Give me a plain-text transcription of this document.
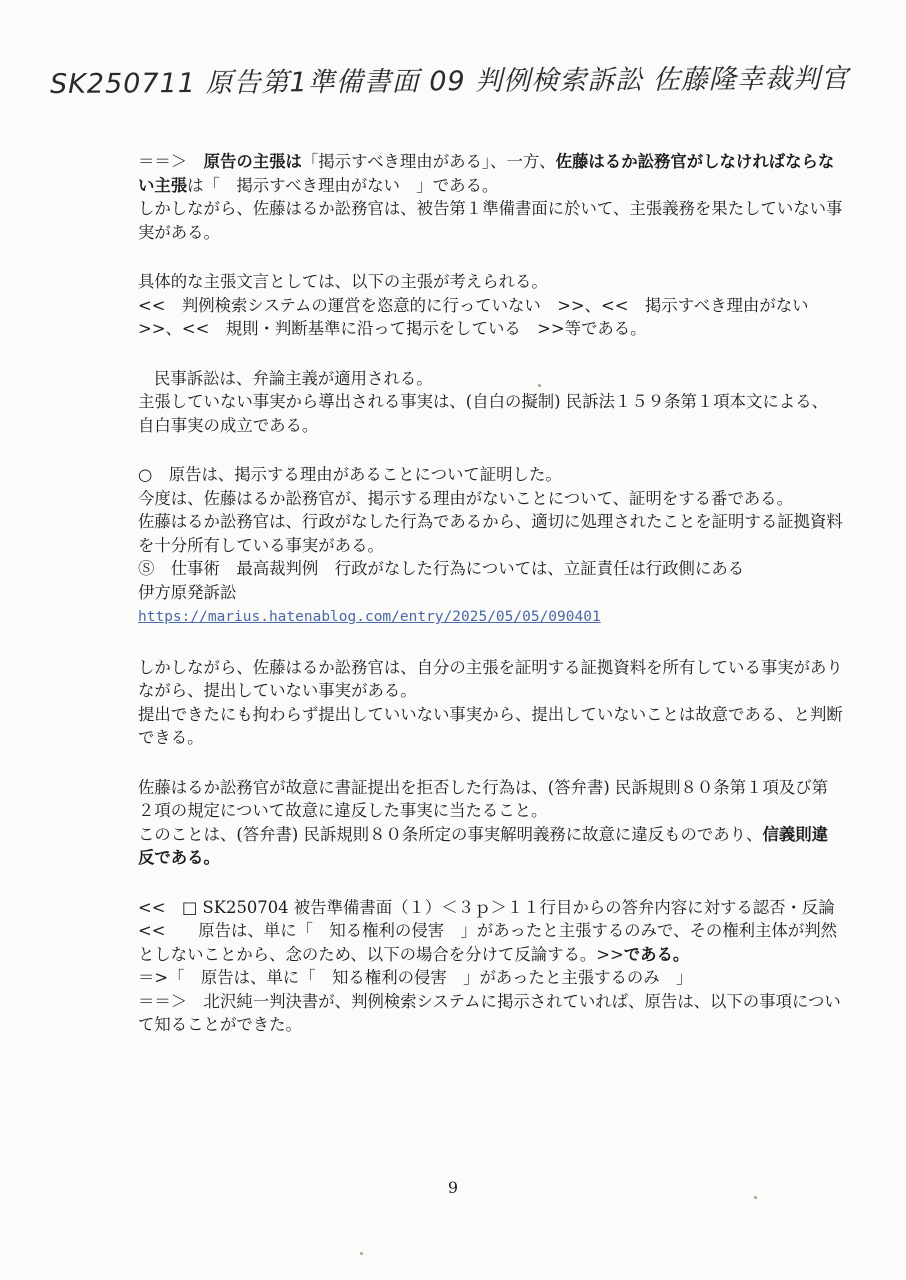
SK250711 原告第1準備書面 09 判例検索訴訟 佐藤隆幸裁判官

＝＝＞　原告の主張は「掲示すべき理由がある」、一方、佐藤はるか訟務官がしなければならない主張は「　掲示すべき理由がない　」である。

しかしながら、佐藤はるか訟務官は、被告第１準備書面に於いて、主張義務を果たしていない事実がある。

具体的な主張文言としては、以下の主張が考えられる。

<<　判例検索システムの運営を恣意的に行っていない　>>、<<　掲示すべき理由がない　>>、<<　規則・判断基準に沿って掲示をしている　>>等である。

民事訴訟は、弁論主義が適用される。

主張していない事実から導出される事実は、(自白の擬制) 民訴法１５９条第１項本文による、自白事実の成立である。

○　原告は、掲示する理由があることについて証明した。

今度は、佐藤はるか訟務官が、掲示する理由がないことについて、証明をする番である。

佐藤はるか訟務官は、行政がなした行為であるから、適切に処理されたことを証明する証拠資料を十分所有している事実がある。

Ⓢ　仕事術　最高裁判例　行政がなした行為については、立証責任は行政側にある

伊方原発訴訟

https://marius.hatenablog.com/entry/2025/05/05/090401

しかしながら、佐藤はるか訟務官は、自分の主張を証明する証拠資料を所有している事実がありながら、提出していない事実がある。

提出できたにも拘わらず提出していいない事実から、提出していないことは故意である、と判断できる。

佐藤はるか訟務官が故意に書証提出を拒否した行為は、(答弁書) 民訴規則８０条第１項及び第２項の規定について故意に違反した事実に当たること。

このことは、(答弁書) 民訴規則８０条所定の事実解明義務に故意に違反ものであり、信義則違反である。

<<　□ SK250704 被告準備書面（１）＜３ｐ＞１１行目からの答弁内容に対する認否・反論

<<　　原告は、単に「　知る権利の侵害　」があったと主張するのみで、その権利主体が判然としないことから、念のため、以下の場合を分けて反論する。>>である。

＝>「　原告は、単に「　知る権利の侵害　」があったと主張するのみ　」

＝＝＞　北沢純一判決書が、判例検索システムに掲示されていれば、原告は、以下の事項について知ることができた。

9
